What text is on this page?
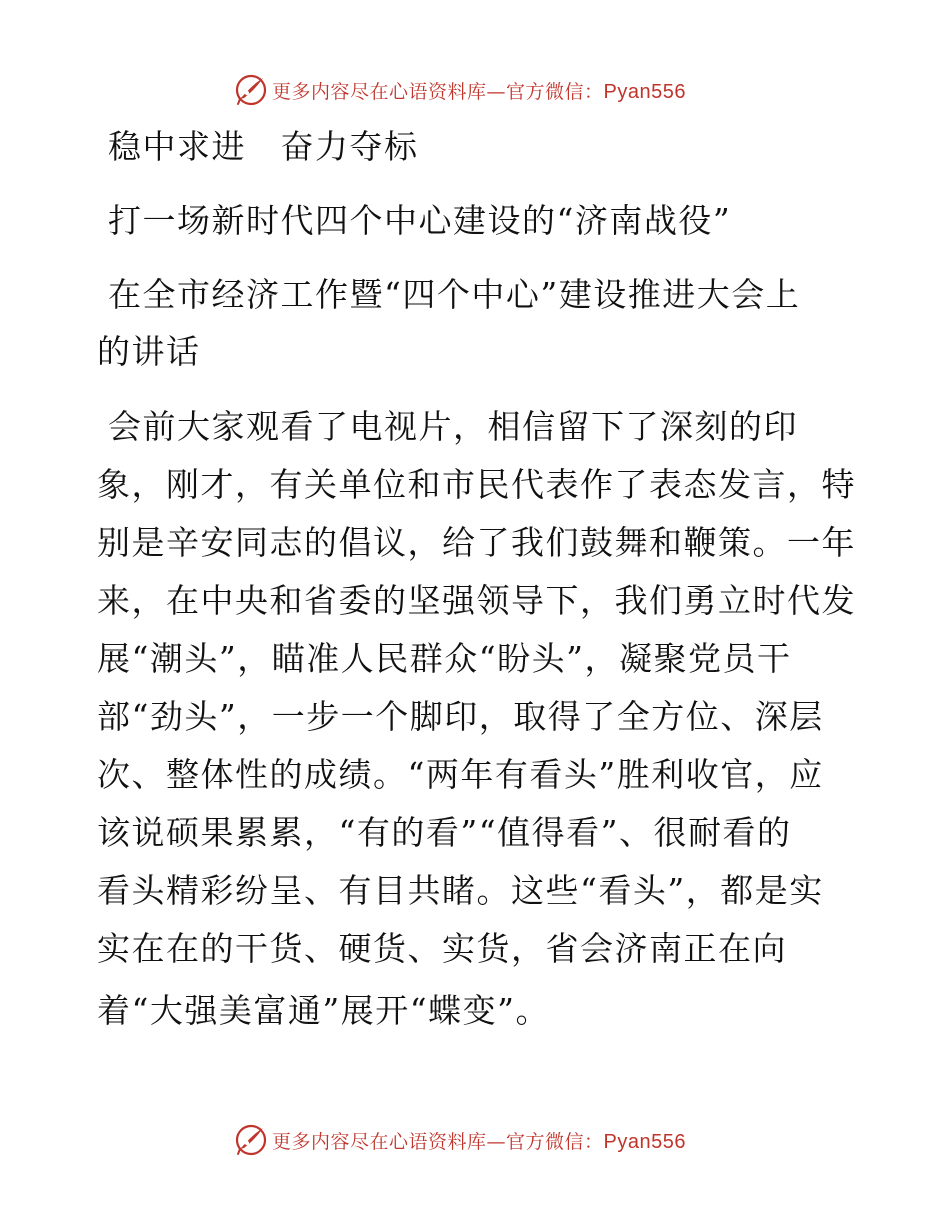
更多内容尽在心语资料库—官方微信：Pyan556
稳中求进　奋力夺标
打一场新时代四个中心建设的“济南战役”
在全市经济工作暨“四个中心”建设推进大会上
的讲话
会前大家观看了电视片，相信留下了深刻的印
象，刚才，有关单位和市民代表作了表态发言，特
别是辛安同志的倡议，给了我们鼓舞和鞭策。一年
来，在中央和省委的坚强领导下，我们勇立时代发
展“潮头”，瞄准人民群众“盼头”，凝聚党员干
部“劲头”，一步一个脚印，取得了全方位、深层
次、整体性的成绩。“两年有看头”胜利收官，应
该说硕果累累，“有的看”“值得看”、很耐看的
看头精彩纷呈、有目共睹。这些“看头”，都是实
实在在的干货、硬货、实货，省会济南正在向
着“大强美富通”展开“蝶变”。
更多内容尽在心语资料库—官方微信：Pyan556
